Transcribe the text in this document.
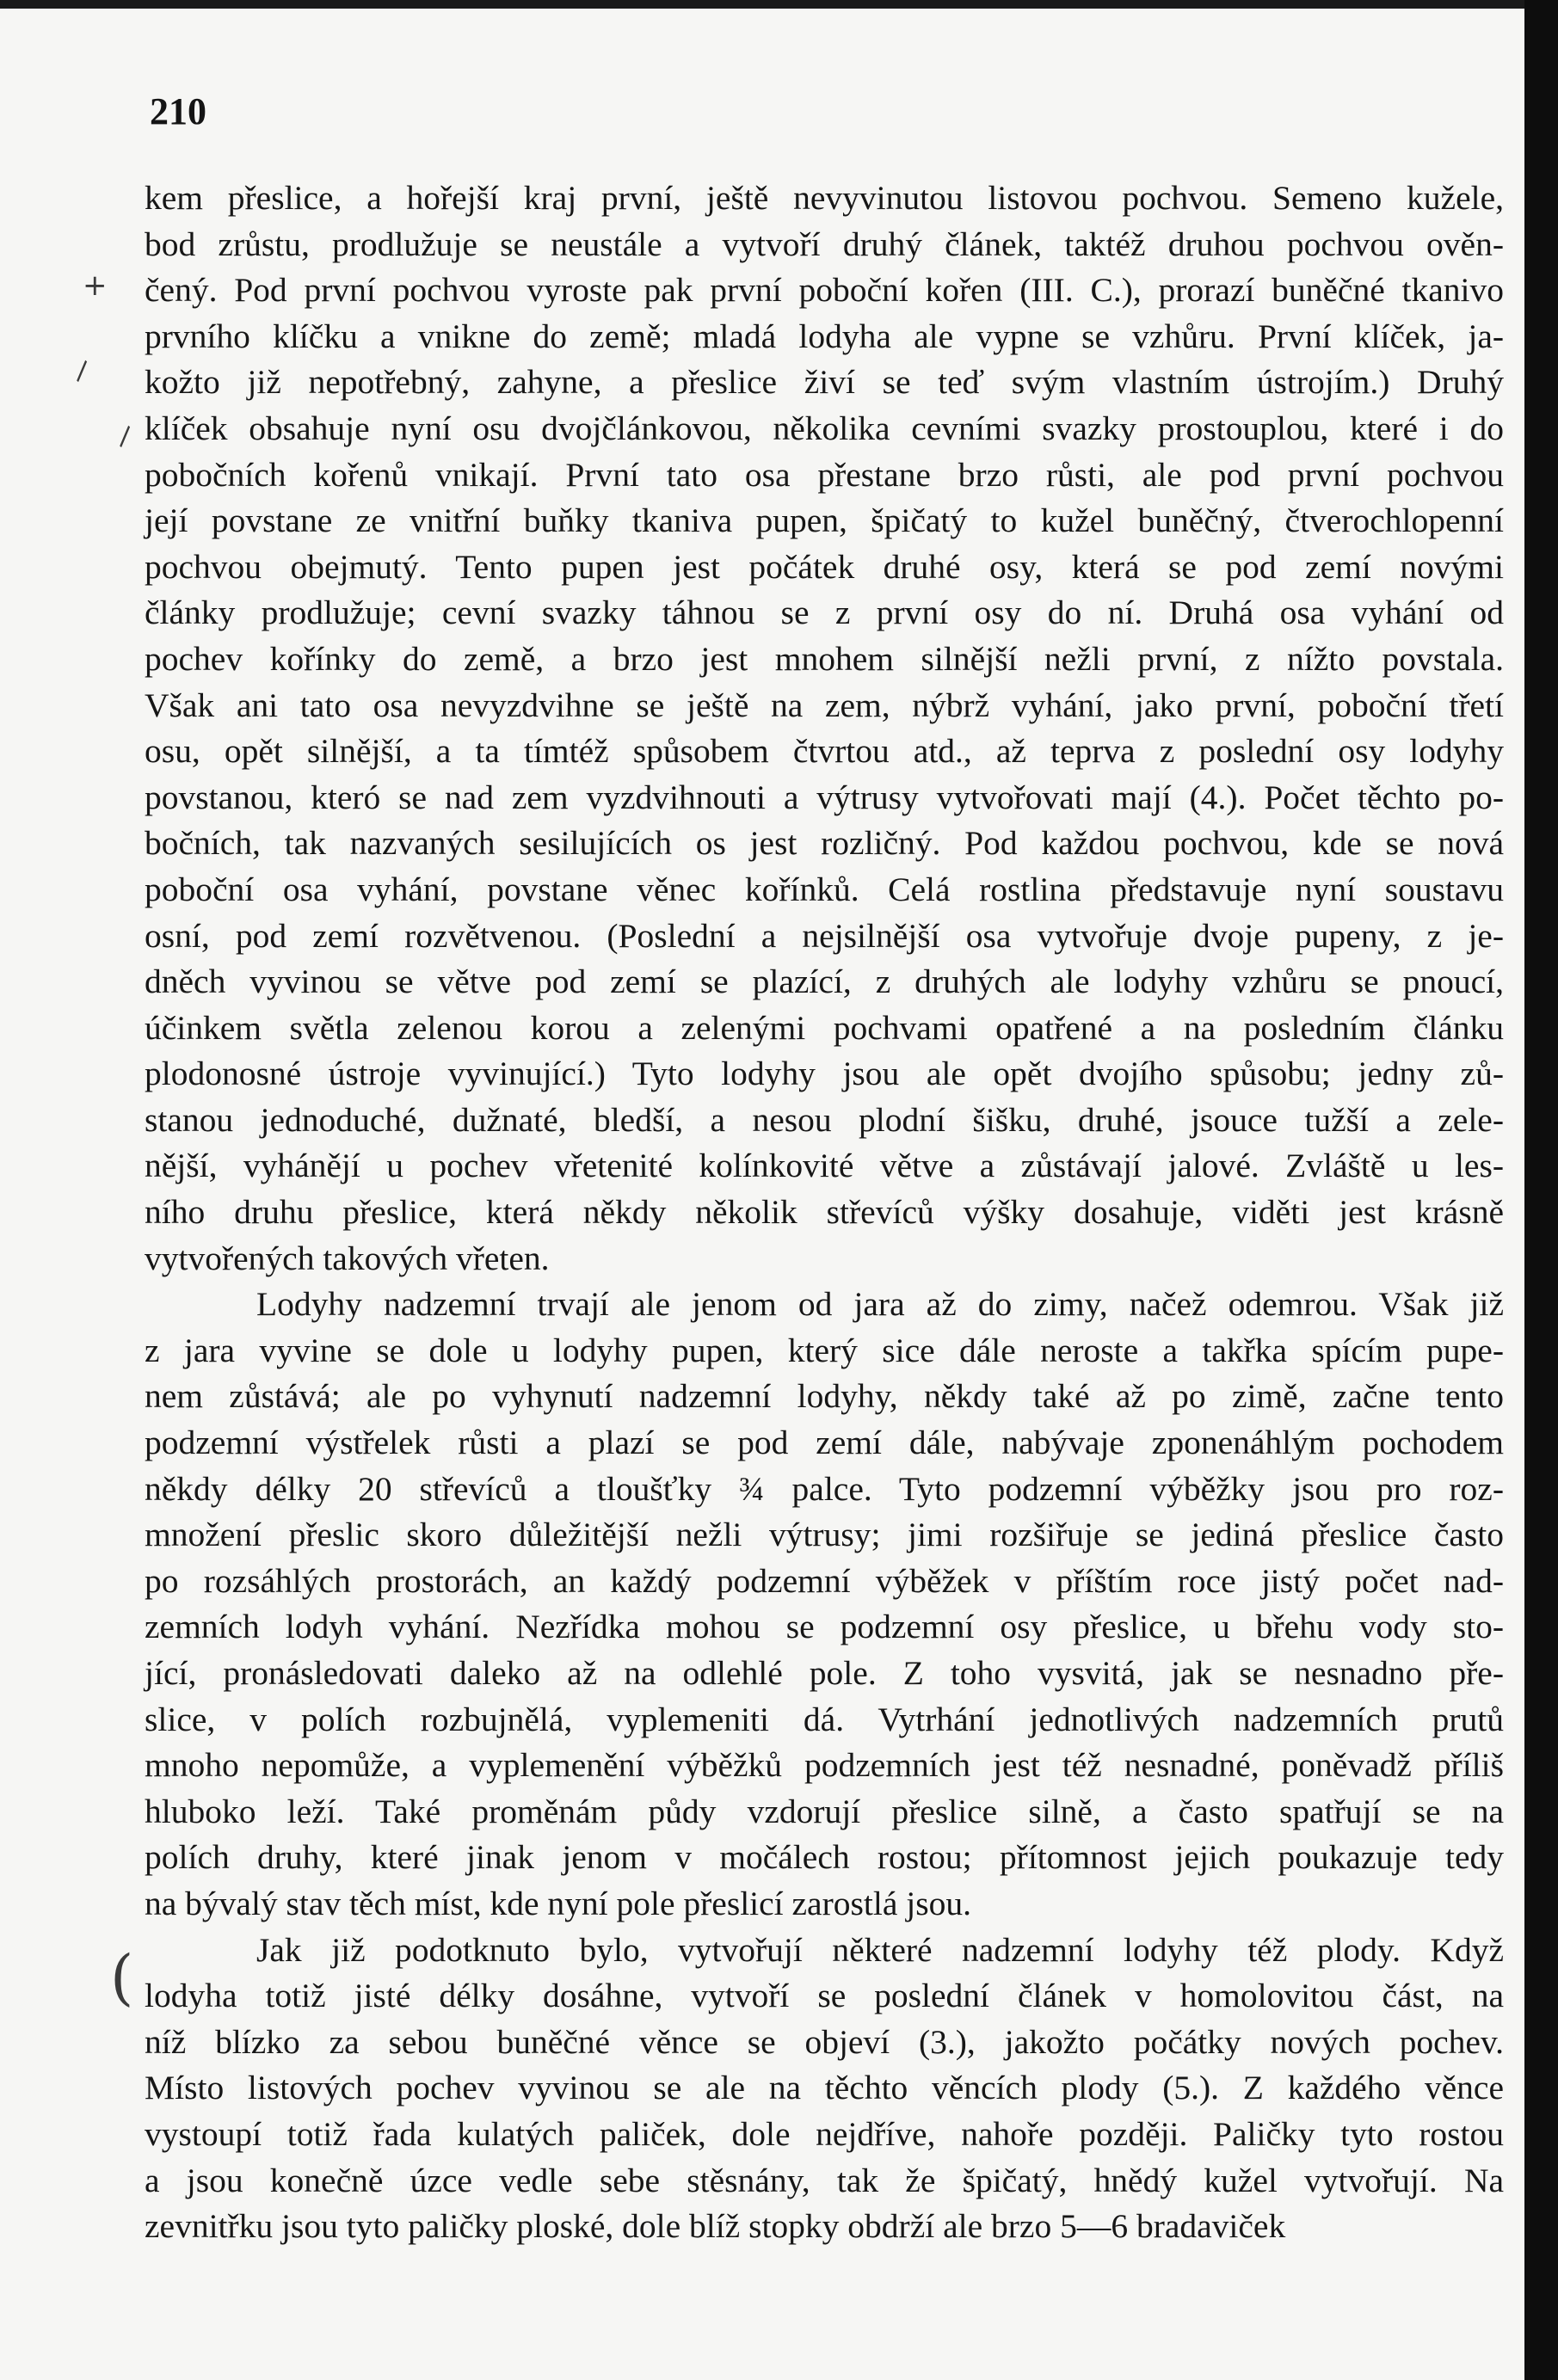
210
+
\
\
(
kem přeslice, a hořejší kraj první, ještě nevyvinutou listovou pochvou. Semeno kužele,
bod zrůstu, prodlužuje se neustále a vytvoří druhý článek, taktéž druhou pochvou ověn-
čený. Pod první pochvou vyroste pak první poboční kořen (III. C.), prorazí buněčné tkanivo
prvního klíčku a vnikne do země; mladá lodyha ale vypne se vzhůru. První klíček, ja-
kožto již nepotřebný, zahyne, a přeslice živí se teď svým vlastním ústrojím.) Druhý
klíček obsahuje nyní osu dvojčlánkovou, několika cevními svazky prostouplou, které i do
pobočních kořenů vnikají. První tato osa přestane brzo růsti, ale pod první pochvou
její povstane ze vnitřní buňky tkaniva pupen, špičatý to kužel buněčný, čtverochlopenní
pochvou obejmutý. Tento pupen jest počátek druhé osy, která se pod zemí novými
články prodlužuje; cevní svazky táhnou se z první osy do ní. Druhá osa vyhání od
pochev kořínky do země, a brzo jest mnohem silnější nežli první, z nížto povstala.
Však ani tato osa nevyzdvihne se ještě na zem, nýbrž vyhání, jako první, poboční třetí
osu, opět silnější, a ta tímtéž spůsobem čtvrtou atd., až teprva z poslední osy lodyhy
povstanou, kteró se nad zem vyzdvihnouti a výtrusy vytvořovati mají (4.). Počet těchto po-
bočních, tak nazvaných sesilujících os jest rozličný. Pod každou pochvou, kde se nová
poboční osa vyhání, povstane věnec kořínků. Celá rostlina představuje nyní soustavu
osní, pod zemí rozvětvenou. (Poslední a nejsilnější osa vytvořuje dvoje pupeny, z je-
dněch vyvinou se větve pod zemí se plazící, z druhých ale lodyhy vzhůru se pnoucí,
účinkem světla zelenou korou a zelenými pochvami opatřené a na posledním článku
plodonosné ústroje vyvinující.) Tyto lodyhy jsou ale opět dvojího spůsobu; jedny zů-
stanou jednoduché, dužnaté, bledší, a nesou plodní šišku, druhé, jsouce tužší a zele-
nější, vyhánějí u pochev vřetenité kolínkovité větve a zůstávají jalové. Zvláště u les-
ního druhu přeslice, která někdy několik střevíců výšky dosahuje, viděti jest krásně
vytvořených takových vřeten.
Lodyhy nadzemní trvají ale jenom od jara až do zimy, načež odemrou. Však již
z jara vyvine se dole u lodyhy pupen, který sice dále neroste a takřka spícím pupe-
nem zůstává; ale po vyhynutí nadzemní lodyhy, někdy také až po zimě, začne tento
podzemní výstřelek růsti a plazí se pod zemí dále, nabývaje zponenáhlým pochodem
někdy délky 20 střevíců a tloušťky ¾ palce. Tyto podzemní výběžky jsou pro roz-
množení přeslic skoro důležitější nežli výtrusy; jimi rozšiřuje se jediná přeslice často
po rozsáhlých prostorách, an každý podzemní výběžek v příštím roce jistý počet nad-
zemních lodyh vyhání. Nezřídka mohou se podzemní osy přeslice, u břehu vody sto-
jící, pronásledovati daleko až na odlehlé pole. Z toho vysvitá, jak se nesnadno pře-
slice, v polích rozbujnělá, vyplemeniti dá. Vytrhání jednotlivých nadzemních prutů
mnoho nepomůže, a vyplemenění výběžků podzemních jest též nesnadné, poněvadž příliš
hluboko leží. Také proměnám půdy vzdorují přeslice silně, a často spatřují se na
polích druhy, které jinak jenom v močálech rostou; přítomnost jejich poukazuje tedy
na bývalý stav těch míst, kde nyní pole přeslicí zarostlá jsou.
Jak již podotknuto bylo, vytvořují některé nadzemní lodyhy též plody. Když
lodyha totiž jisté délky dosáhne, vytvoří se poslední článek v homolovitou část, na
níž blízko za sebou buněčné věnce se objeví (3.), jakožto počátky nových pochev.
Místo listových pochev vyvinou se ale na těchto věncích plody (5.). Z každého věnce
vystoupí totiž řada kulatých paliček, dole nejdříve, nahoře později. Paličky tyto rostou
a jsou konečně úzce vedle sebe stěsnány, tak že špičatý, hnědý kužel vytvořují. Na
zevnitřku jsou tyto paličky ploské, dole blíž stopky obdrží ale brzo 5—6 bradaviček
